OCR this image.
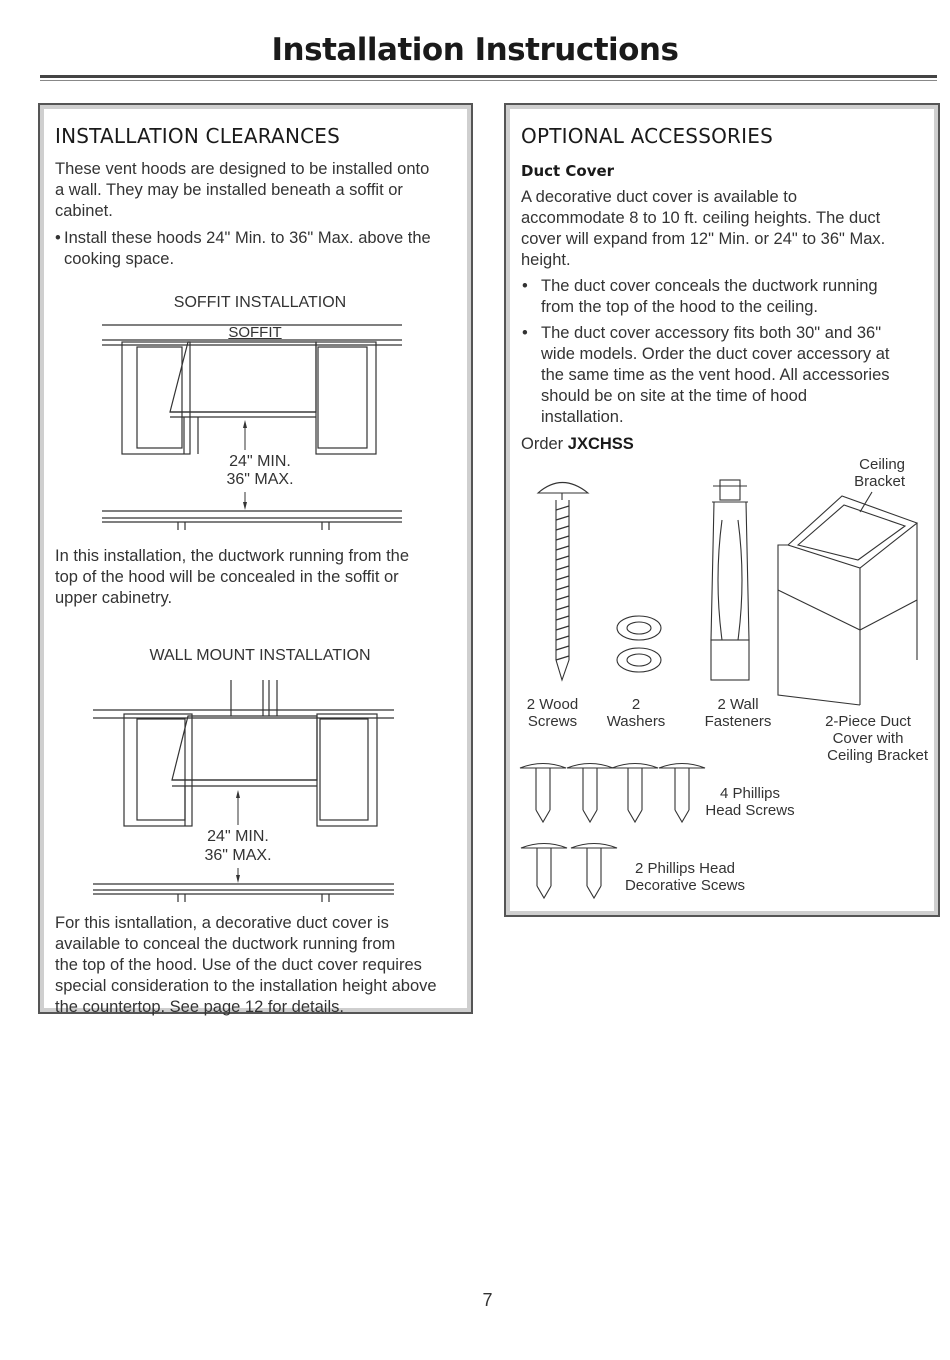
Installation Instructions
INSTALLATION CLEARANCES
These vent hoods are designed to be installed onto
a wall. They may be installed beneath a soffit or
cabinet.
• Install these hoods 24" Min. to 36" Max. above the
cooking space.
SOFFIT INSTALLATION
SOFFIT
24" MIN.
36" MAX.
In this installation, the ductwork running from the
top of the hood will be concealed in the soffit or
upper cabinetry.
WALL MOUNT INSTALLATION
24" MIN.
36" MAX.
For this isntallation, a decorative duct cover is
available to conceal the ductwork running from
the top of the hood. Use of the duct cover requires
special consideration to the installation height above
the countertop. See page 12 for details.
OPTIONAL ACCESSORIES
Duct Cover
A decorative duct cover is available to
accommodate 8 to 10 ft. ceiling heights. The duct
cover will expand from 12" Min. or 24" to 36" Max.
height.
• The duct cover conceals the ductwork running
from the top of the hood to the ceiling.
• The duct cover accessory fits both 30" and 36"
wide models. Order the duct cover accessory at
the same time as the vent hood. All accessories
should be on site at the time of hood
installation.
Order JXCHSS
Ceiling
Bracket
2 Wood
Screws
2
Washers
2 Wall
Fasteners	2-Piece Duct
Cover with
Ceiling Bracket
4 Phillips
Head Screws
2 Phillips Head
Decorative Scews
7
